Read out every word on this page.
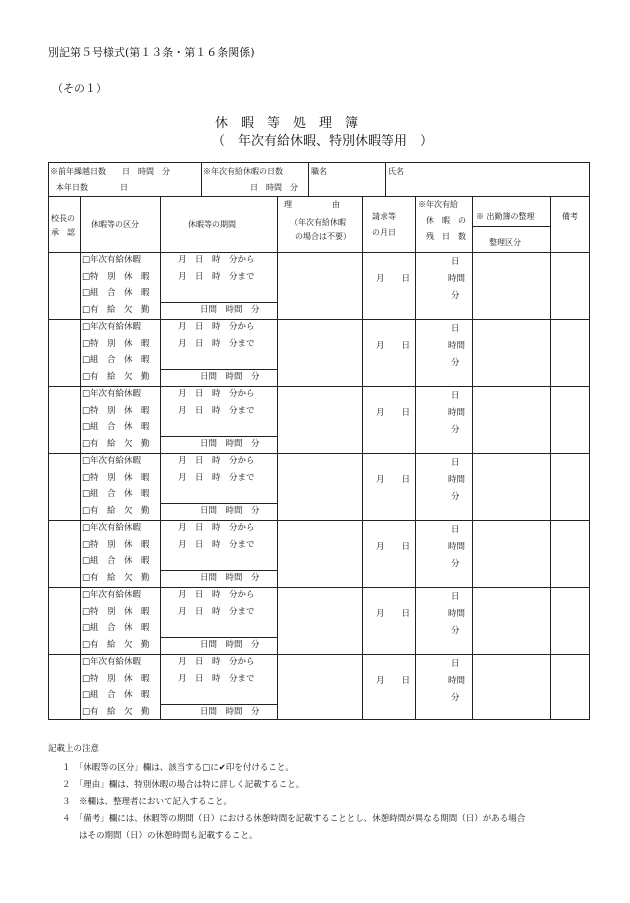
別記第５号様式(第１３条・第１６条関係)
（その１）
休　暇　等　処　理　簿
（　年次有給休暇、特別休暇等用　）
※前年繰越日数　　日　時間　分
本年日数　　　　日
※年次有給休暇の日数
日　時間　分
職名	氏名
校長の
承　認
休暇等の区分	休暇等の期間
理　　　　　由
（年次有給休暇
の場合は不要）
請求等
の月日
※年次有給
休　暇　の
残　日　数
※ 出勤簿の整理
整理区分
備考
□年次有給休暇
□特　別　休　暇
□組　合　休　暇
□有　給　欠　勤
月　日　時　分から
月　日　時　分まで
日間　時間　分
月　　日
日
時間
分
□年次有給休暇
□特　別　休　暇
□組　合　休　暇
□有　給　欠　勤
月　日　時　分から
月　日　時　分まで
日間　時間　分
月　　日
日
時間
分
□年次有給休暇
□特　別　休　暇
□組　合　休　暇
□有　給　欠　勤
月　日　時　分から
月　日　時　分まで
日間　時間　分
月　　日
日
時間
分
□年次有給休暇
□特　別　休　暇
□組　合　休　暇
□有　給　欠　勤
月　日　時　分から
月　日　時　分まで
日間　時間　分
月　　日
日
時間
分
□年次有給休暇
□特　別　休　暇
□組　合　休　暇
□有　給　欠　勤
月　日　時　分から
月　日　時　分まで
日間　時間　分
月　　日
日
時間
分
□年次有給休暇
□特　別　休　暇
□組　合　休　暇
□有　給　欠　勤
月　日　時　分から
月　日　時　分まで
日間　時間　分
月　　日
日
時間
分
□年次有給休暇
□特　別　休　暇
□組　合　休　暇
□有　給　欠　勤
月　日　時　分から
月　日　時　分まで
日間　時間　分
月　　日
日
時間
分
記載上の注意
１　「休暇等の区分」欄は、該当する□に✔印を付けること。
２　「理由」欄は、特別休暇の場合は特に詳しく記載すること。
３　※欄は、整理者において記入すること。
４　「備考」欄には、休暇等の期間（日）における休憩時間を記載することとし、休憩時間が異なる期間（日）がある場合
　　はその期間（日）の休憩時間も記載すること。
